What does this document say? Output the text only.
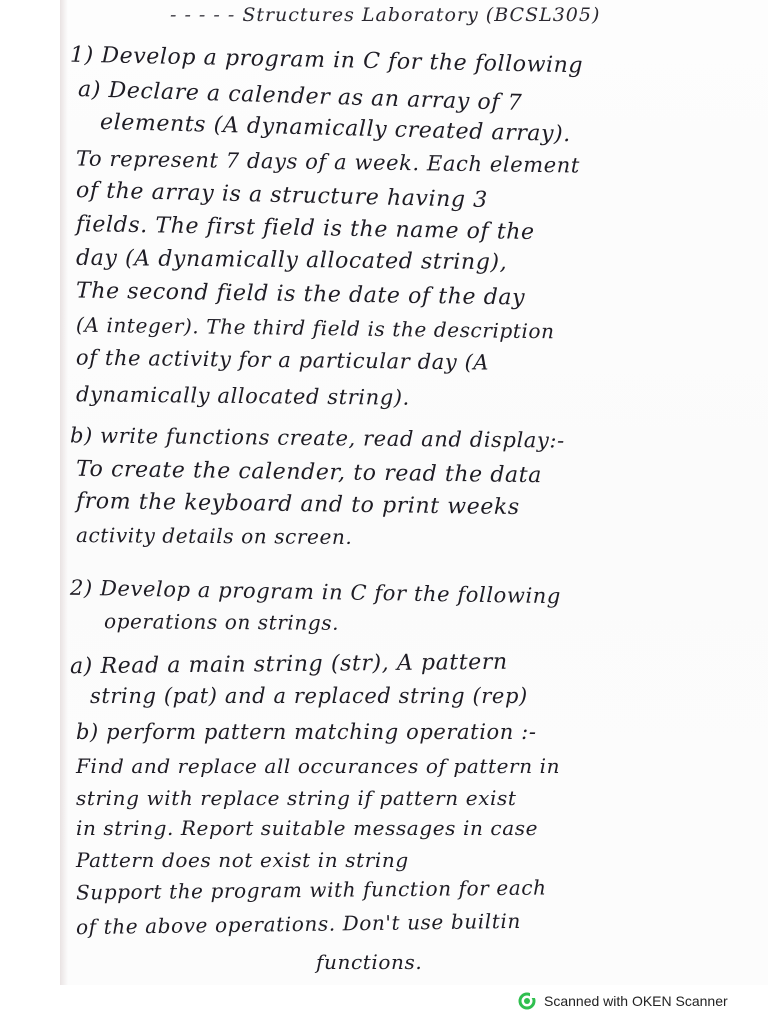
- - - - - Structures Laboratory (BCSL305)
1) Develop a program in C for the following
a) Declare a calender as an array of 7
elements (A dynamically created array).
To represent 7 days of a week. Each element
of the array is a structure having 3
fields. The first field is the name of the
day (A dynamically allocated string),
The second field is the date of the day
(A integer). The third field is the description
of the activity for a particular day (A
dynamically allocated string).
b) write functions create, read and display:-
To create the calender, to read the data
from the keyboard and to print weeks
activity details on screen.
2) Develop a program in C for the following
operations on strings.
a) Read a main string (str), A pattern
string (pat) and a replaced string (rep)
b) perform pattern matching operation :-
Find and replace all occurances of pattern in
string with replace string if pattern exist
in string. Report suitable messages in case
Pattern does not exist in string
Support the program with function for each
of the above operations. Don't use builtin
functions.
Scanned with OKEN Scanner
